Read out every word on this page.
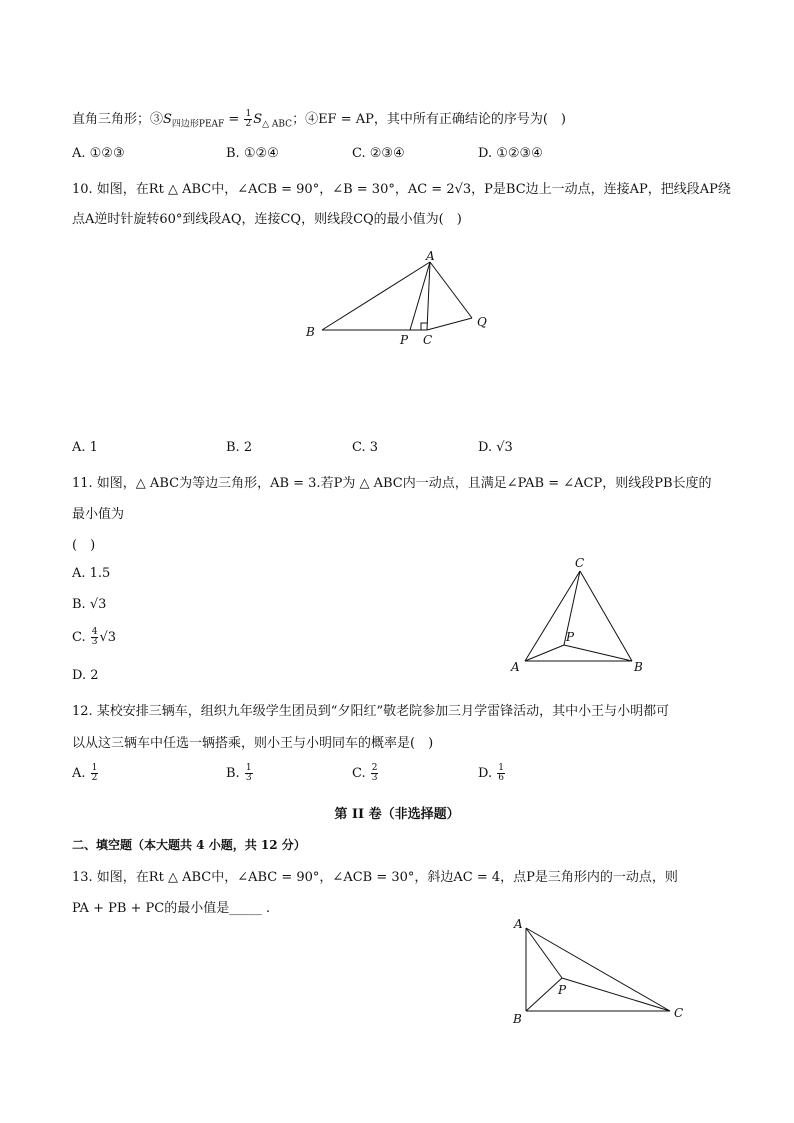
直角三角形；$③S_{四边形PEAF} = \frac{1}{2} S_{\triangle ABC}$；④EF = AP，其中所有正确结论的序号为(　)
A. ①②③	B. ①②④	C. ②③④	D. ①②③④
10. 如图，在Rt △ ABC中，∠ACB = 90°，∠B = 30°，AC = 2√3，P是BC边上一动点，连接AP，把线段AP绕
点A逆时针旋转60°到线段AQ，连接CQ，则线段CQ的最小值为(　)
A
B
P C
Q
A. 1	B. 2	C. 3	D. √3
11. 如图，△ ABC为等边三角形，AB = 3.若P为 △ ABC内一动点，且满足∠PAB = ∠ACP，则线段PB长度的
最小值为
(　)
A. 1.5
B. √3
C. $\frac{4}{3} √3$
D. 2
C
P
A	B
12. 某校安排三辆车，组织九年级学生团员到“夕阳红”敬老院参加三月学雷锋活动，其中小王与小明都可
以从这三辆车中任选一辆搭乘，则小王与小明同车的概率是(　)
A. $\frac{1}{2}$	B. $\frac{1}{3}$	C. $\frac{2}{3}$	D. $\frac{1}{6}$
第 II 卷（非选择题）
二、填空题（本大题共 4 小题，共 12 分）
13. 如图，在Rt △ ABC中，∠ABC = 90°，∠ACB = 30°，斜边AC = 4，点P是三角形内的一动点，则
PA + PB + PC的最小值是_____ .
A
P
B	C
